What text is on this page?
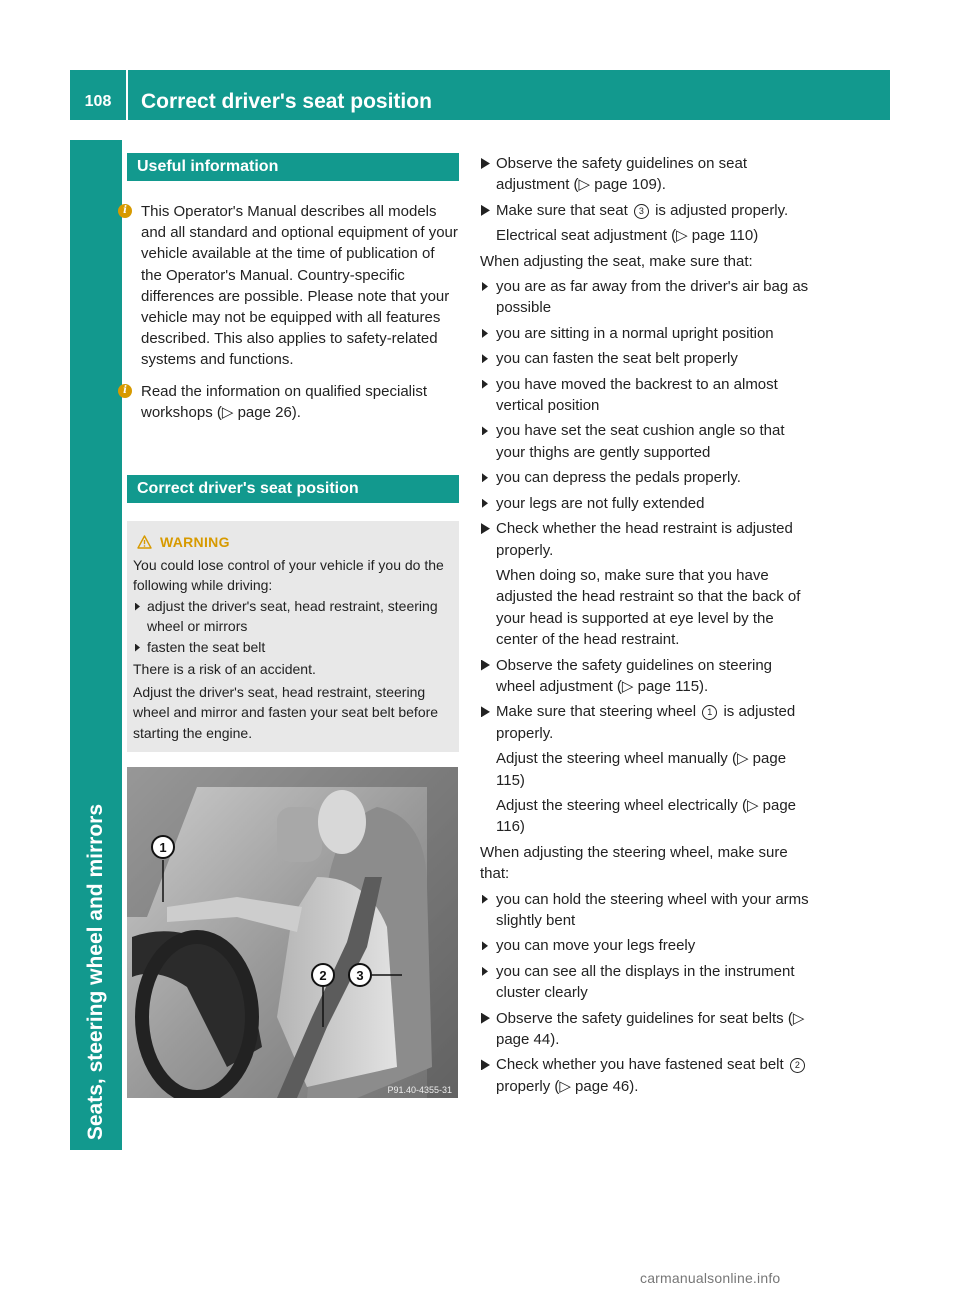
108	Correct driver's seat position
Seats, steering wheel and mirrors
Useful information
i This Operator's Manual describes all models and all standard and optional equipment of your vehicle available at the time of publication of the Operator's Manual. Country-specific differences are possible. Please note that your vehicle may not be equipped with all features described. This also applies to safety-related systems and functions.
i Read the information on qualified specialist workshops (▷ page 26).
Correct driver's seat position
WARNING
You could lose control of your vehicle if you do the following while driving:
adjust the driver's seat, head restraint, steering wheel or mirrors
fasten the seat belt
There is a risk of an accident.
Adjust the driver's seat, head restraint, steering wheel and mirror and fasten your seat belt before starting the engine.
1
2 3
P91.40-4355-31
Observe the safety guidelines on seat adjustment (▷ page 109).
Make sure that seat 3 is adjusted properly.
Electrical seat adjustment (▷ page 110)
When adjusting the seat, make sure that:
you are as far away from the driver's air bag as possible
you are sitting in a normal upright position
you can fasten the seat belt properly
you have moved the backrest to an almost vertical position
you have set the seat cushion angle so that your thighs are gently supported
you can depress the pedals properly.
your legs are not fully extended
Check whether the head restraint is adjusted properly.
When doing so, make sure that you have adjusted the head restraint so that the back of your head is supported at eye level by the center of the head restraint.
Observe the safety guidelines on steering wheel adjustment (▷ page 115).
Make sure that steering wheel 1 is adjusted properly.
Adjust the steering wheel manually (▷ page 115)
Adjust the steering wheel electrically (▷ page 116)
When adjusting the steering wheel, make sure that:
you can hold the steering wheel with your arms slightly bent
you can move your legs freely
you can see all the displays in the instrument cluster clearly
Observe the safety guidelines for seat belts (▷ page 44).
Check whether you have fastened seat belt 2 properly (▷ page 46).
carmanualsonline.info
